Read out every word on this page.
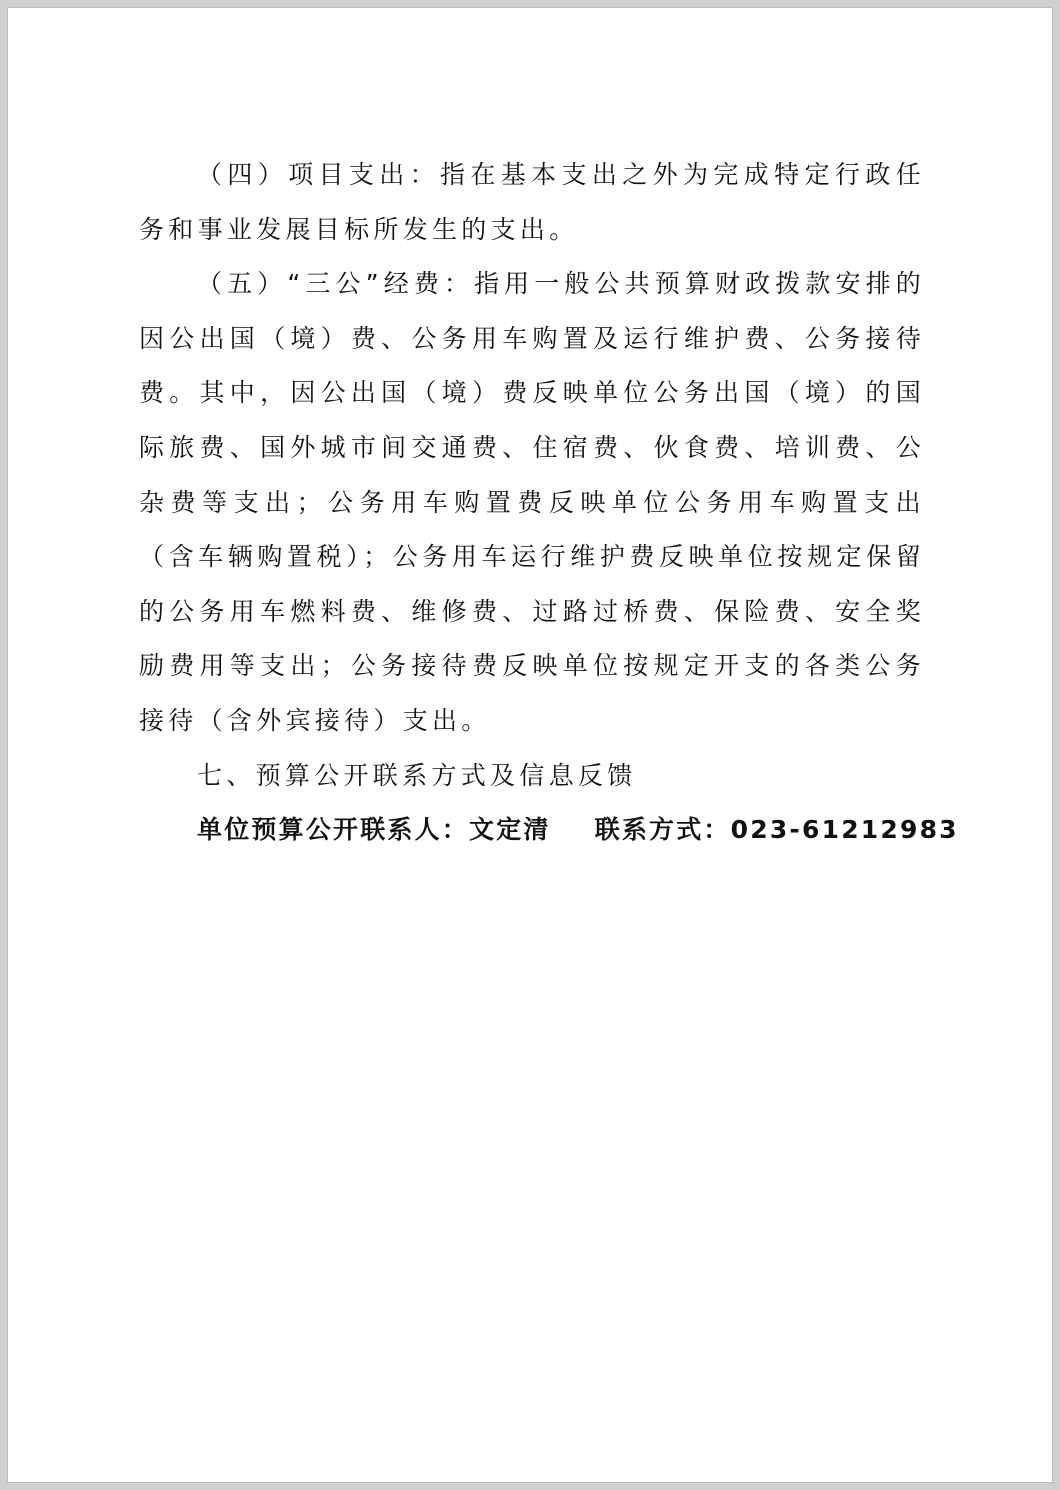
（四）项目支出：指在基本支出之外为完成特定行政任务和事业发展目标所发生的支出。

（五）“三公”经费：指用一般公共预算财政拨款安排的因公出国（境）费、公务用车购置及运行维护费、公务接待费。其中，因公出国（境）费反映单位公务出国（境）的国际旅费、国外城市间交通费、住宿费、伙食费、培训费、公杂费等支出；公务用车购置费反映单位公务用车购置支出（含车辆购置税）；公务用车运行维护费反映单位按规定保留的公务用车燃料费、维修费、过路过桥费、保险费、安全奖励费用等支出；公务接待费反映单位按规定开支的各类公务接待（含外宾接待）支出。

七、预算公开联系方式及信息反馈

单位预算公开联系人：文定清 联系方式：023-61212983
